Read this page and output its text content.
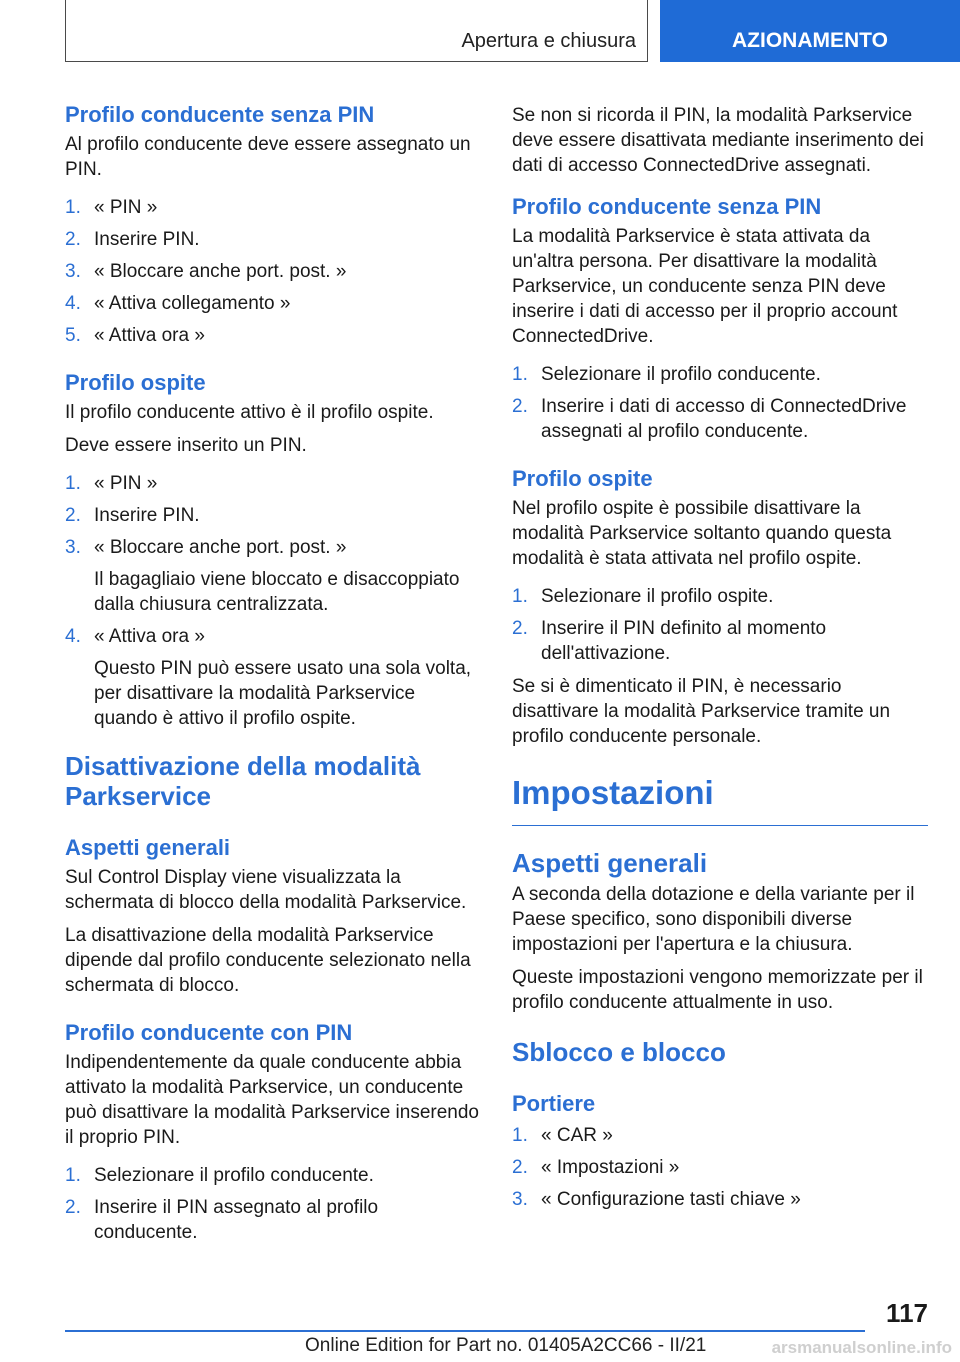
Apertura e chiusura	AZIONAMENTO
Profilo conducente senza PIN

Al profilo conducente deve essere assegnato un PIN.

1. « PIN »
2. Inserire PIN.
3. « Bloccare anche port. post. »
4. « Attiva collegamento »
5. « Attiva ora »
Profilo ospite

Il profilo conducente attivo è il profilo ospite.

Deve essere inserito un PIN.

1. « PIN »
2. Inserire PIN.
3. « Bloccare anche port. post. »

Il bagagliaio viene bloccato e disaccoppiato dalla chiusura centralizzata.

4. « Attiva ora »

Questo PIN può essere usato una sola volta, per disattivare la modalità Parkservice quando è attivo il profilo ospite.

Disattivazione della modalità Parkservice
Aspetti generali

Sul Control Display viene visualizzata la schermata di blocco della modalità Parkservice.

La disattivazione della modalità Parkservice dipende dal profilo conducente selezionato nella schermata di blocco.

Profilo conducente con PIN

Indipendentemente da quale conducente abbia attivato la modalità Parkservice, un conducente può disattivare la modalità Parkservice inserendo il proprio PIN.

1. Selezionare il profilo conducente.
2. Inserire il PIN assegnato al profilo conducente.

Se non si ricorda il PIN, la modalità Parkservice deve essere disattivata mediante inserimento dei dati di accesso ConnectedDrive assegnati.

Profilo conducente senza PIN

La modalità Parkservice è stata attivata da un'altra persona. Per disattivare la modalità Parkservice, un conducente senza PIN deve inserire i dati di accesso per il proprio account ConnectedDrive.

1. Selezionare il profilo conducente.
2. Inserire i dati di accesso di ConnectedDrive assegnati al profilo conducente.
Profilo ospite

Nel profilo ospite è possibile disattivare la modalità Parkservice soltanto quando questa modalità è stata attivata nel profilo ospite.

1. Selezionare il profilo ospite.
2. Inserire il PIN definito al momento dell'attivazione.

Se si è dimenticato il PIN, è necessario disattivare la modalità Parkservice tramite un profilo conducente personale.

Impostazioni
Aspetti generali

A seconda della dotazione e della variante per il Paese specifico, sono disponibili diverse impostazioni per l'apertura e la chiusura.

Queste impostazioni vengono memorizzate per il profilo conducente attualmente in uso.

Sblocco e blocco
Portiere
1. « CAR »
2. « Impostazioni »
3. « Configurazione tasti chiave »
117
Online Edition for Part no. 01405A2CC66 - II/21	arsmanualsonline.info
